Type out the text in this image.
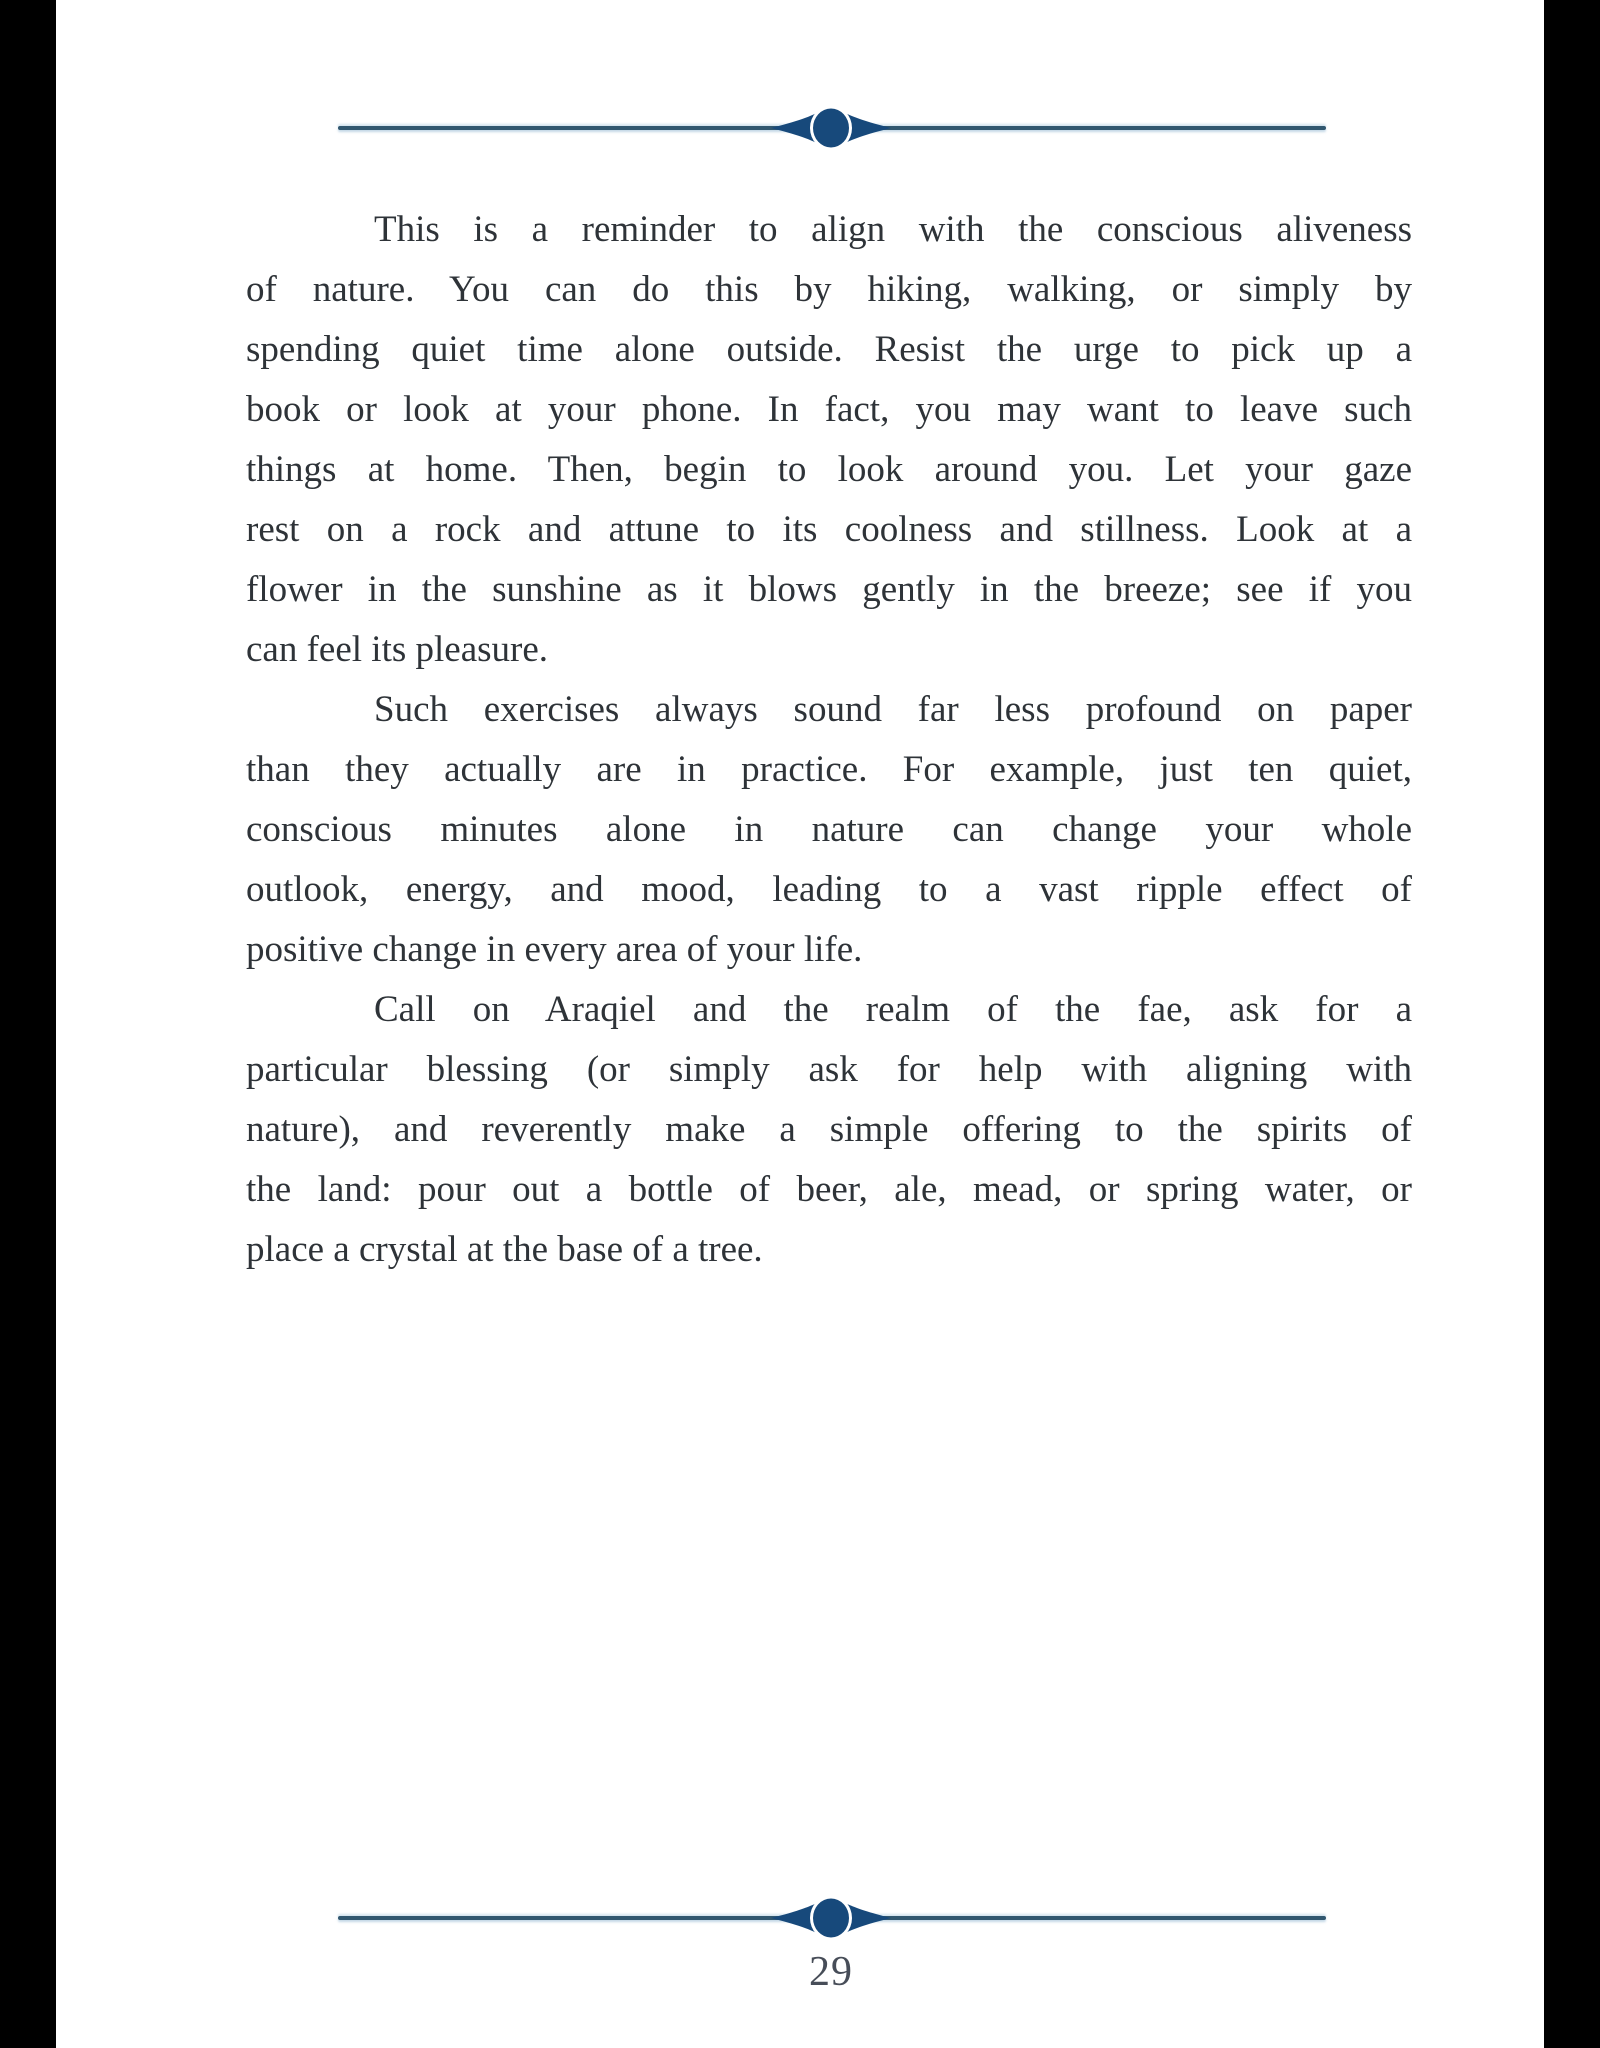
This is a reminder to align with the conscious aliveness
of nature. You can do this by hiking, walking, or simply by
spending quiet time alone outside. Resist the urge to pick up a
book or look at your phone. In fact, you may want to leave such
things at home. Then, begin to look around you. Let your gaze
rest on a rock and attune to its coolness and stillness. Look at a
flower in the sunshine as it blows gently in the breeze; see if you
can feel its pleasure.
Such exercises always sound far less profound on paper
than they actually are in practice. For example, just ten quiet,
conscious minutes alone in nature can change your whole
outlook, energy, and mood, leading to a vast ripple effect of
positive change in every area of your life.
Call on Araqiel and the realm of the fae, ask for a
particular blessing (or simply ask for help with aligning with
nature), and reverently make a simple offering to the spirits of
the land: pour out a bottle of beer, ale, mead, or spring water, or
place a crystal at the base of a tree.
29
